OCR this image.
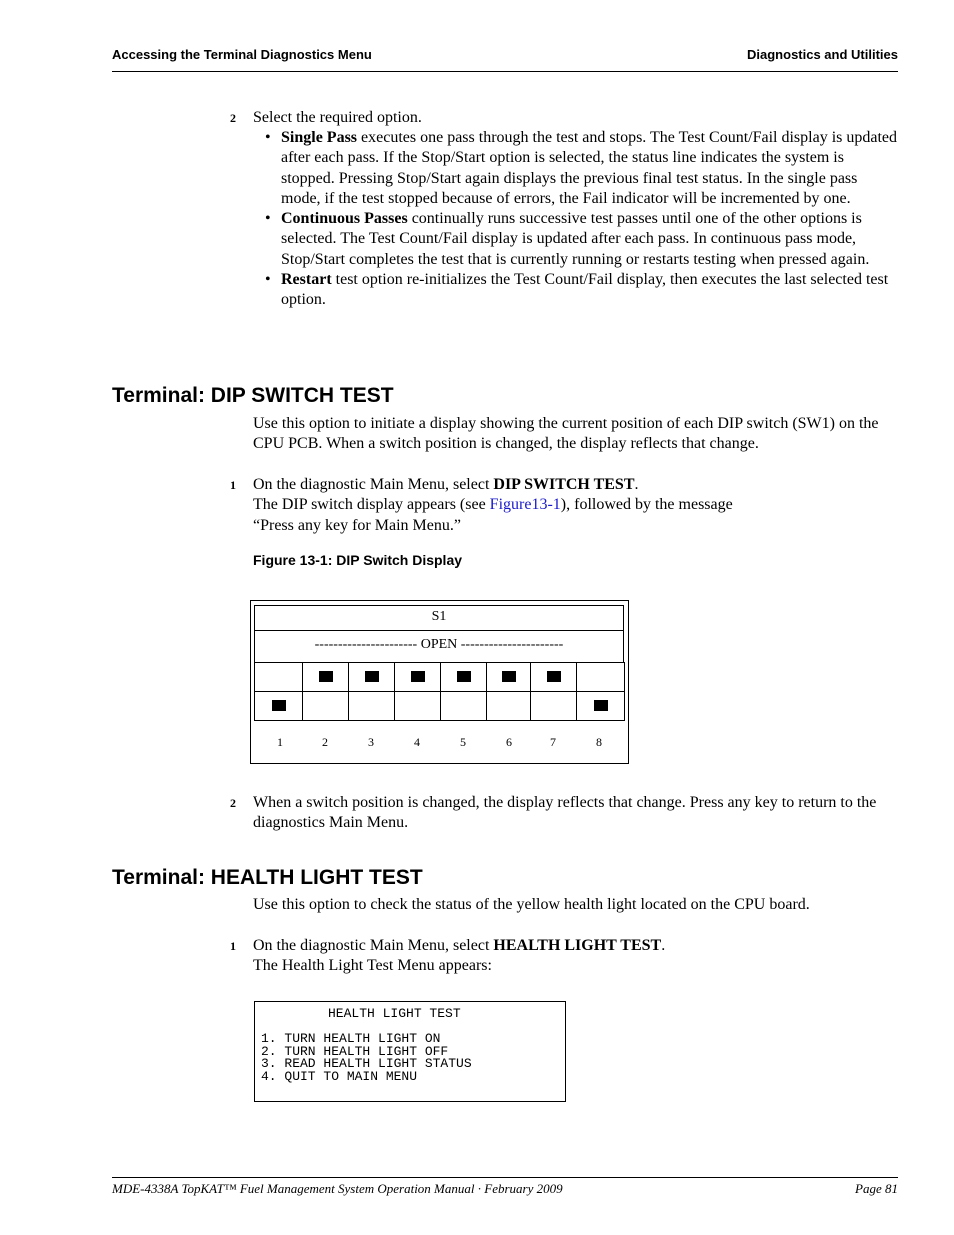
Accessing the Terminal Diagnostics Menu	Diagnostics and Utilities
2 Select the required option.
• Single Pass executes one pass through the test and stops. The Test Count/Fail display is updated after each pass. If the Stop/Start option is selected, the status line indicates the system is stopped. Pressing Stop/Start again displays the previous final test status. In the single pass mode, if the test stopped because of errors, the Fail indicator will be incremented by one.
• Continuous Passes continually runs successive test passes until one of the other options is selected. The Test Count/Fail display is updated after each pass. In continuous pass mode, Stop/Start completes the test that is currently running or restarts testing when pressed again.
• Restart test option re-initializes the Test Count/Fail display, then executes the last selected test option.
Terminal: DIP SWITCH TEST
Use this option to initiate a display showing the current position of each DIP switch (SW1) on the CPU PCB. When a switch position is changed, the display reflects that change.
1 On the diagnostic Main Menu, select DIP SWITCH TEST.
The DIP switch display appears (see Figure13-1), followed by the message
“Press any key for Main Menu.”
Figure 13-1: DIP Switch Display
S1
---------------------- OPEN ----------------------
1	2	3	4	5	6	7	8
2 When a switch position is changed, the display reflects that change. Press any key to return to the diagnostics Main Menu.
Terminal: HEALTH LIGHT TEST
Use this option to check the status of the yellow health light located on the CPU board.
1 On the diagnostic Main Menu, select HEALTH LIGHT TEST.
The Health Light Test Menu appears:
HEALTH LIGHT TEST
1. TURN HEALTH LIGHT ON
2. TURN HEALTH LIGHT OFF
3. READ HEALTH LIGHT STATUS
4. QUIT TO MAIN MENU
MDE-4338A TopKAT™ Fuel Management System Operation Manual · February 2009	Page 81
